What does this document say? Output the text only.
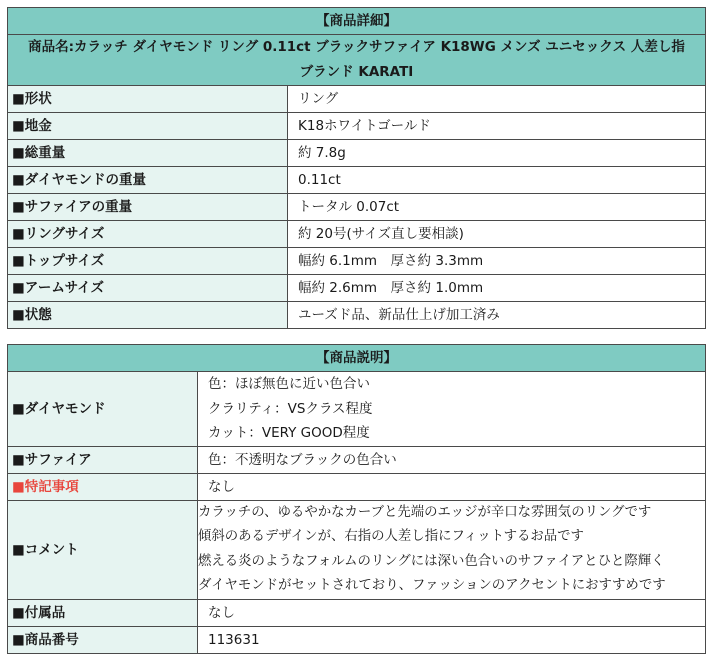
【商品詳細】	

商品名:カラッチ ダイヤモンド リング 0.11ct ブラックサファイア K18WG メンズ ユニセックス 人差し指
ブランド KARATI	

■形状	リング
■地金	K18ホワイトゴールド
■総重量	約 7.8g
■ダイヤモンドの重量	0.11ct
■サファイアの重量	トータル 0.07ct
■リングサイズ	約 20号(サイズ直し要相談)
■トップサイズ	幅約 6.1mm　厚さ約 3.3mm
■アームサイズ	幅約 2.6mm　厚さ約 1.0mm
■状態	ユーズド品、新品仕上げ加工済み
【商品説明】	
■ダイヤモンド	色：ほぼ無色に近い色合い
クラリティ：VSクラス程度
カット：VERY GOOD程度

■サファイア	色：不透明なブラックの色合い
■特記事項	なし
■コメント	カラッチの、ゆるやかなカーブと先端のエッジが辛口な雰囲気のリングです
傾斜のあるデザインが、右指の人差し指にフィットするお品です
燃える炎のようなフォルムのリングには深い色合いのサファイアとひと際輝く
ダイヤモンドがセットされており、ファッションのアクセントにおすすめです

■付属品	なし
■商品番号	113631
